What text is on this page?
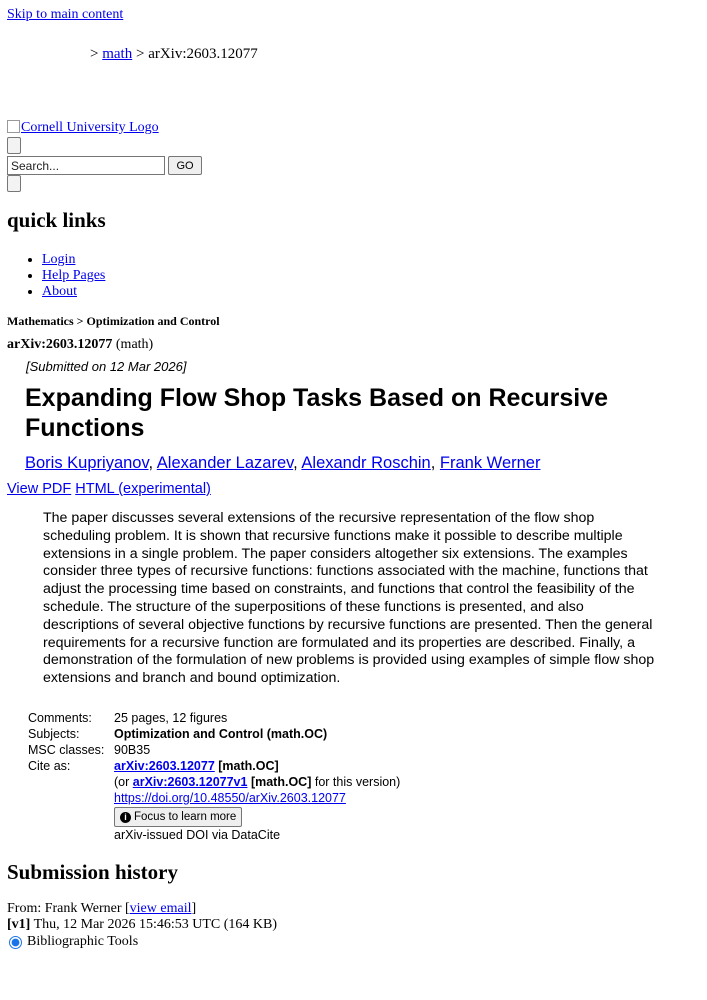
Skip to main content
> math > arXiv:2603.12077
Cornell University Logo
Search...
GO
quick links
• Login
• Help Pages
• About
Mathematics > Optimization and Control
arXiv:2603.12077 (math)
[Submitted on 12 Mar 2026]
Expanding Flow Shop Tasks Based on Recursive Functions
Boris Kupriyanov, Alexander Lazarev, Alexandr Roschin, Frank Werner
View PDF HTML (experimental)

The paper discusses several extensions of the recursive representation of the flow shop scheduling problem. It is shown that recursive functions make it possible to describe multiple extensions in a single problem. The paper considers altogether six extensions. The examples consider three types of recursive functions: functions associated with the machine, functions that adjust the processing time based on constraints, and functions that control the feasibility of the schedule. The structure of the superpositions of these functions is presented, and also descriptions of several objective functions by recursive functions are presented. Then the general requirements for a recursive function are formulated and its properties are described. Finally, a demonstration of the formulation of new problems is provided using examples of simple flow shop extensions and branch and bound optimization.

Comments:	25 pages, 12 figures
Subjects:	Optimization and Control (math.OC)
MSC classes:	90B35
Cite as:	arXiv:2603.12077 [math.OC]
(or arXiv:2603.12077v1 [math.OC] for this version)
https://doi.org/10.48550/arXiv.2603.12077
i Focus to learn more
arXiv-issued DOI via DataCite
Submission history
From: Frank Werner [view email]
[v1] Thu, 12 Mar 2026 15:46:53 UTC (164 KB)
Bibliographic Tools
